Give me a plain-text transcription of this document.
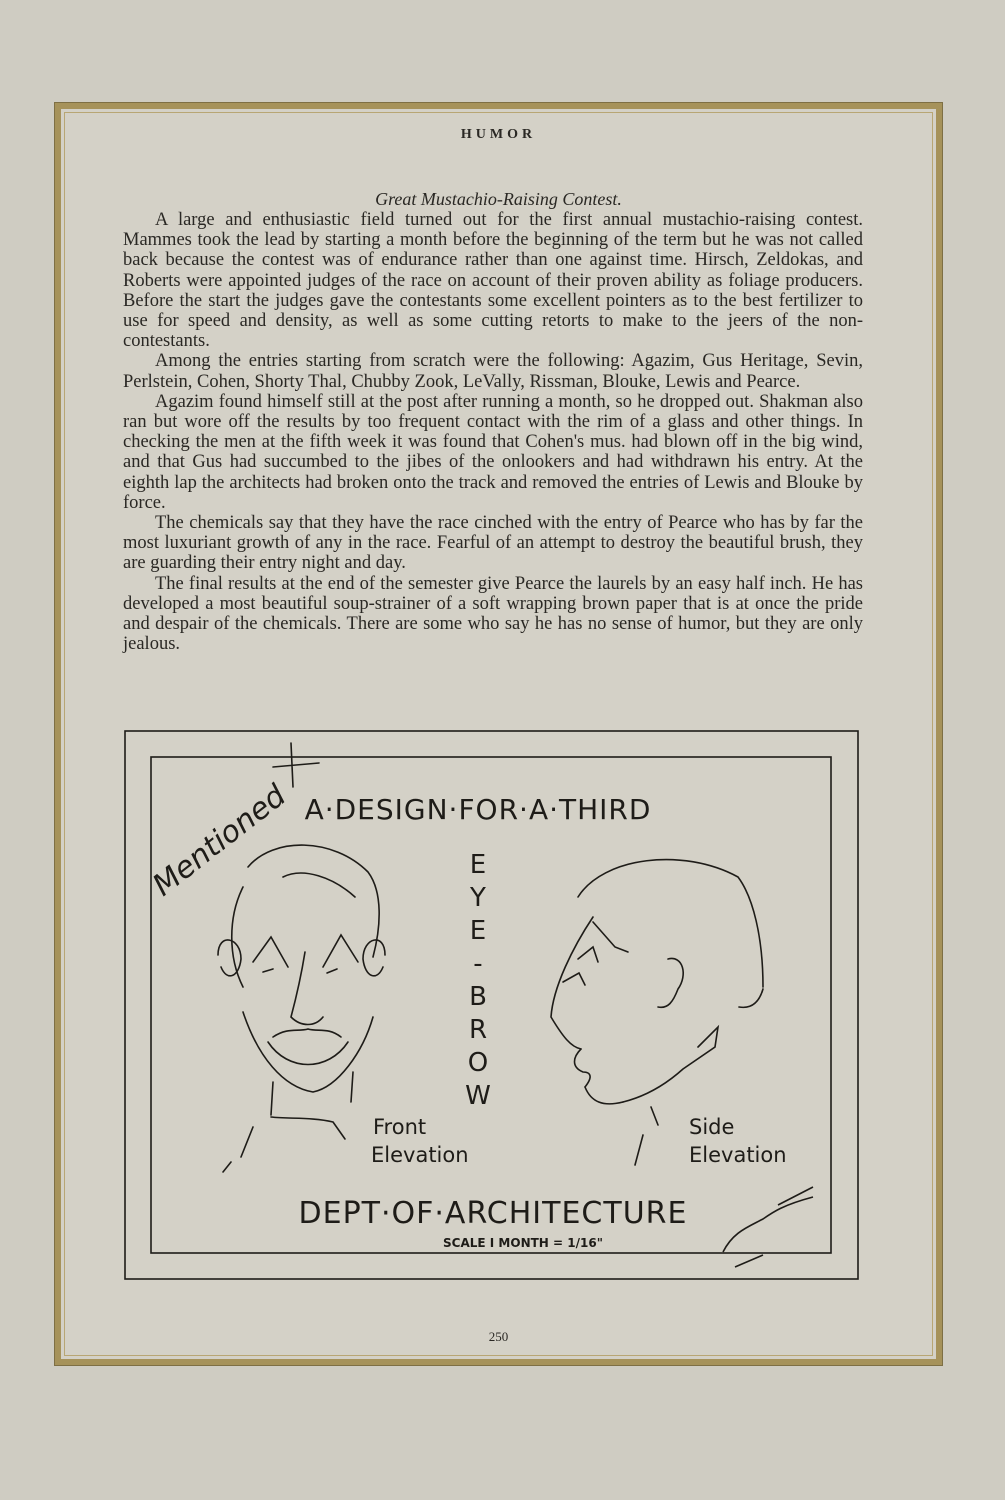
HUMOR
Great Mustachio-Raising Contest.

A large and enthusiastic field turned out for the first annual mustachio-raising contest. Mammes took the lead by starting a month before the beginning of the term but he was not called back because the contest was of endurance rather than one against time. Hirsch, Zeldokas, and Roberts were appointed judges of the race on account of their proven ability as foliage producers. Before the start the judges gave the contestants some excellent pointers as to the best fertilizer to use for speed and density, as well as some cutting retorts to make to the jeers of the non-contestants.

Among the entries starting from scratch were the following: Agazim, Gus Heritage, Sevin, Perlstein, Cohen, Shorty Thal, Chubby Zook, LeVally, Rissman, Blouke, Lewis and Pearce.

Agazim found himself still at the post after running a month, so he dropped out. Shakman also ran but wore off the results by too frequent contact with the rim of a glass and other things. In checking the men at the fifth week it was found that Cohen's mus. had blown off in the big wind, and that Gus had succumbed to the jibes of the onlookers and had withdrawn his entry. At the eighth lap the architects had broken onto the track and removed the entries of Lewis and Blouke by force.

The chemicals say that they have the race cinched with the entry of Pearce who has by far the most luxuriant growth of any in the race. Fearful of an attempt to destroy the beautiful brush, they are guarding their entry night and day.

The final results at the end of the semester give Pearce the laurels by an easy half inch. He has developed a most beautiful soup-strainer of a soft wrapping brown paper that is at once the pride and despair of the chemicals. There are some who say he has no sense of humor, but they are only jealous.

Mentioned A·DESIGN·FOR·A·THIRD
E
Y
E
-
B
R
O
W
Front
Elevation
Side
Elevation
DEPT·OF·ARCHITECTURE
SCALE I MONTH = 1/16"
250
